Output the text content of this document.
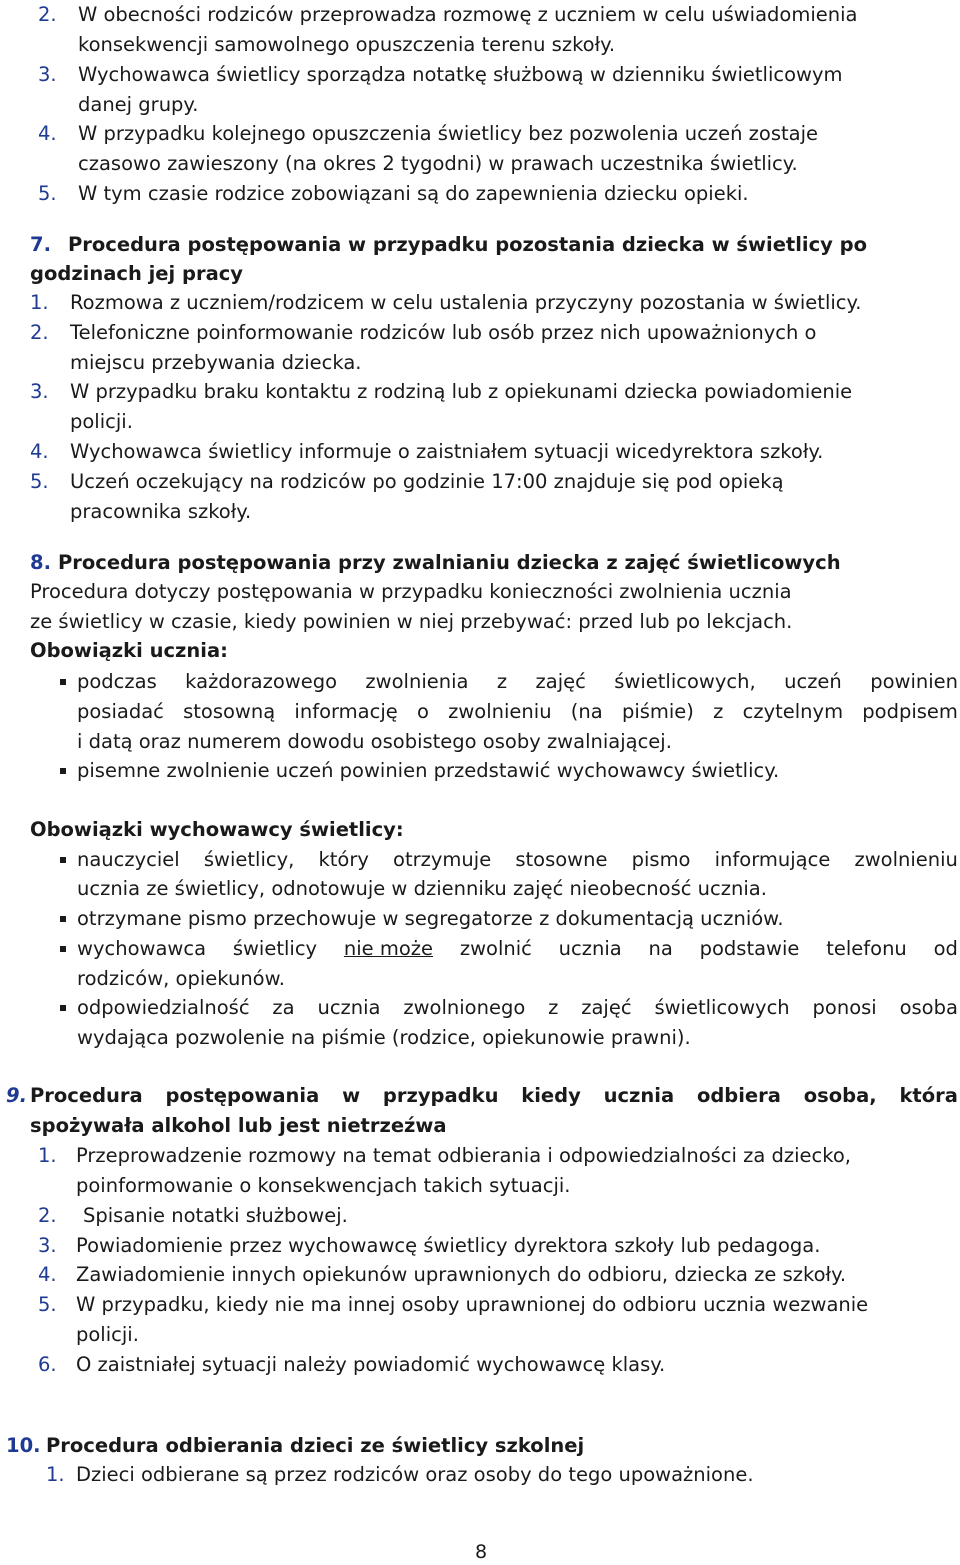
2. W obecności rodziców przeprowadza rozmowę z uczniem w celu uświadomienia
konsekwencji samowolnego opuszczenia terenu szkoły.
3. Wychowawca świetlicy sporządza notatkę służbową w dzienniku świetlicowym
danej grupy.
4. W przypadku kolejnego opuszczenia świetlicy bez pozwolenia uczeń zostaje
czasowo zawieszony (na okres 2 tygodni) w prawach uczestnika świetlicy.
5. W tym czasie rodzice zobowiązani są do zapewnienia dziecku opieki.
7. Procedura postępowania w przypadku pozostania dziecka w świetlicy po
godzinach jej pracy
1. Rozmowa z uczniem/rodzicem w celu ustalenia przyczyny pozostania w świetlicy.
2. Telefoniczne poinformowanie rodziców lub osób przez nich upoważnionych o
miejscu przebywania dziecka.
3. W przypadku braku kontaktu z rodziną lub z opiekunami dziecka powiadomienie
policji.
4. Wychowawca świetlicy informuje o zaistniałem sytuacji wicedyrektora szkoły.
5. Uczeń oczekujący na rodziców po godzinie 17:00 znajduje się pod opieką
pracownika szkoły.
8. Procedura postępowania przy zwalnianiu dziecka z zajęć świetlicowych
Procedura dotyczy postępowania w przypadku konieczności zwolnienia ucznia
ze świetlicy w czasie, kiedy powinien w niej przebywać: przed lub po lekcjach.
Obowiązki ucznia:
podczas każdorazowego zwolnienia z zajęć świetlicowych, uczeń powinien
posiadać stosowną informację o zwolnieniu (na piśmie) z czytelnym podpisem
i datą oraz numerem dowodu osobistego osoby zwalniającej.
pisemne zwolnienie uczeń powinien przedstawić wychowawcy świetlicy.
Obowiązki wychowawcy świetlicy:
nauczyciel świetlicy, który otrzymuje stosowne pismo informujące zwolnieniu
ucznia ze świetlicy, odnotowuje w dzienniku zajęć nieobecność ucznia.
otrzymane pismo przechowuje w segregatorze z dokumentacją uczniów.
wychowawca świetlicy nie może zwolnić ucznia na podstawie telefonu od
rodziców, opiekunów.
odpowiedzialność za ucznia zwolnionego z zajęć świetlicowych ponosi osoba
wydająca pozwolenie na piśmie (rodzice, opiekunowie prawni).
9. Procedura postępowania w przypadku kiedy ucznia odbiera osoba, która
spożywała alkohol lub jest nietrzeźwa
1. Przeprowadzenie rozmowy na temat odbierania i odpowiedzialności za dziecko,
poinformowanie o konsekwencjach takich sytuacji.
2. Spisanie notatki służbowej.
3. Powiadomienie przez wychowawcę świetlicy dyrektora szkoły lub pedagoga.
4. Zawiadomienie innych opiekunów uprawnionych do odbioru, dziecka ze szkoły.
5. W przypadku, kiedy nie ma innej osoby uprawnionej do odbioru ucznia wezwanie
policji.
6. O zaistniałej sytuacji należy powiadomić wychowawcę klasy.
10. Procedura odbierania dzieci ze świetlicy szkolnej
1. Dzieci odbierane są przez rodziców oraz osoby do tego upoważnione.
8
